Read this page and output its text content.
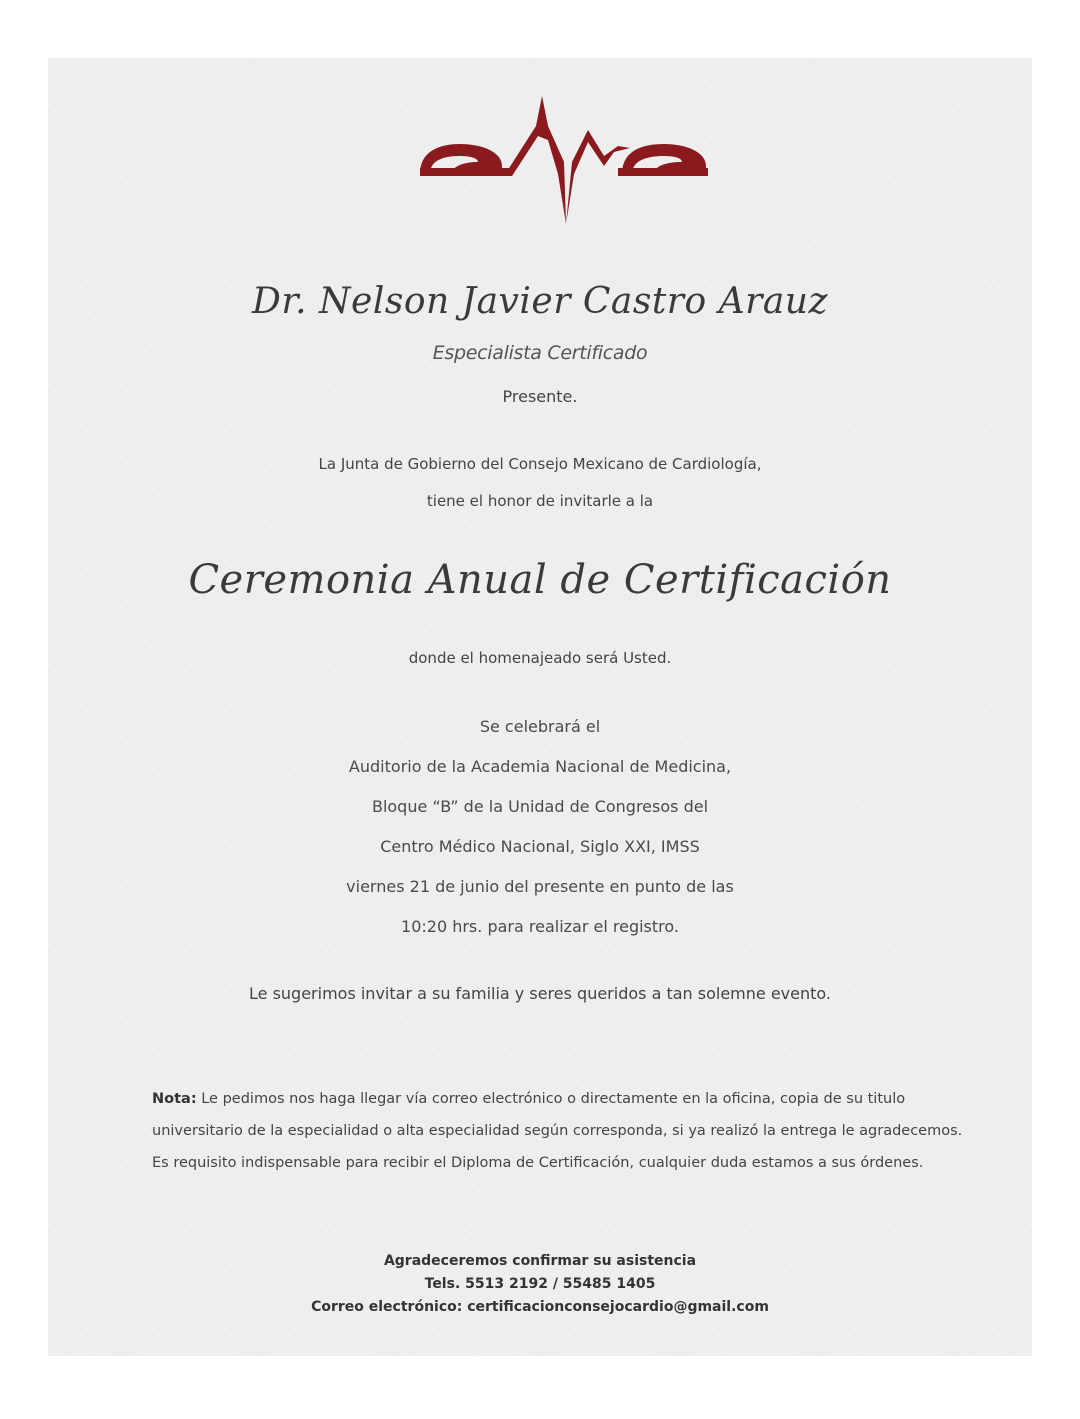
Dr. Nelson Javier Castro Arauz
Especialista Certificado
Presente.
La Junta de Gobierno del Consejo Mexicano de Cardiología,
tiene el honor de invitarle a la
Ceremonia Anual de Certificación
donde el homenajeado será Usted.
Se celebrará el
Auditorio de la Academia Nacional de Medicina,
Bloque “B” de la Unidad de Congresos del
Centro Médico Nacional, Siglo XXI, IMSS
viernes 21 de junio del presente en punto de las
10:20 hrs. para realizar el registro.
Le sugerimos invitar a su familia y seres queridos a tan solemne evento.
Nota: Le pedimos nos haga llegar vía correo electrónico o directamente en la oficina, copia de su titulo universitario de la especialidad o alta especialidad según corresponda, si ya realizó la entrega le agradecemos.
Es requisito indispensable para recibir el Diploma de Certificación, cualquier duda estamos a sus órdenes.
Agradeceremos confirmar su asistencia
Tels. 5513 2192 / 55485 1405
Correo electrónico: certificacionconsejocardio@gmail.com
